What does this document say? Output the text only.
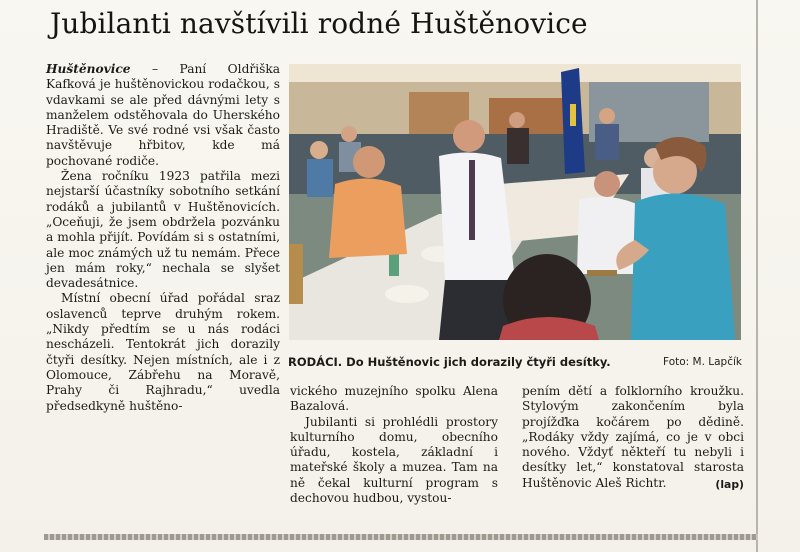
Jubilanti navštívili rodné Huštěnovice

Huštěnovice – Paní Oldřiška Kafková je huštěnovickou rodačkou, s vdavkami se ale před dávnými lety s manželem odstěhovala do Uherského Hradiště. Ve své rodné vsi však často navštěvuje hřbitov, kde má pochované rodiče.

Žena ročníku 1923 patřila mezi nejstarší účastníky sobotního setkání rodáků a jubilantů v Huštěnovicích. „Oceňuji, že jsem obdržela pozvánku a mohla přijít. Povídám si s ostatními, ale moc známých už tu nemám. Přece jen mám roky,“ nechala se slyšet devadesátnice.

Místní obecní úřad pořádal sraz oslavenců teprve druhým rokem. „Nikdy předtím se u nás rodáci nescházeli. Tentokrát jich dorazily čtyři desítky. Nejen místních, ale i z Olomouce, Zábřehu na Moravě, Prahy či Rajhradu,“ uvedla předsedkyně huštěno-

RODÁCI. Do Huštěnovic jich dorazily čtyři desítky.	Foto: M. Lapčík

vického muzejního spolku Alena Bazalová.

Jubilanti si prohlédli prostory kulturního domu, obecního úřadu, kostela, základní i mateřské školy a muzea. Tam na ně čekal kulturní program s dechovou hudbou, vystou-

pením dětí a folklorního kroužku. Stylovým zakončením byla projížďka kočárem po dědině. „Rodáky vždy zajímá, co je v obci nového. Vždyť někteří tu nebyli i desítky let,“ konstatoval starosta Huštěnovic Aleš Richtr.	(lap)
